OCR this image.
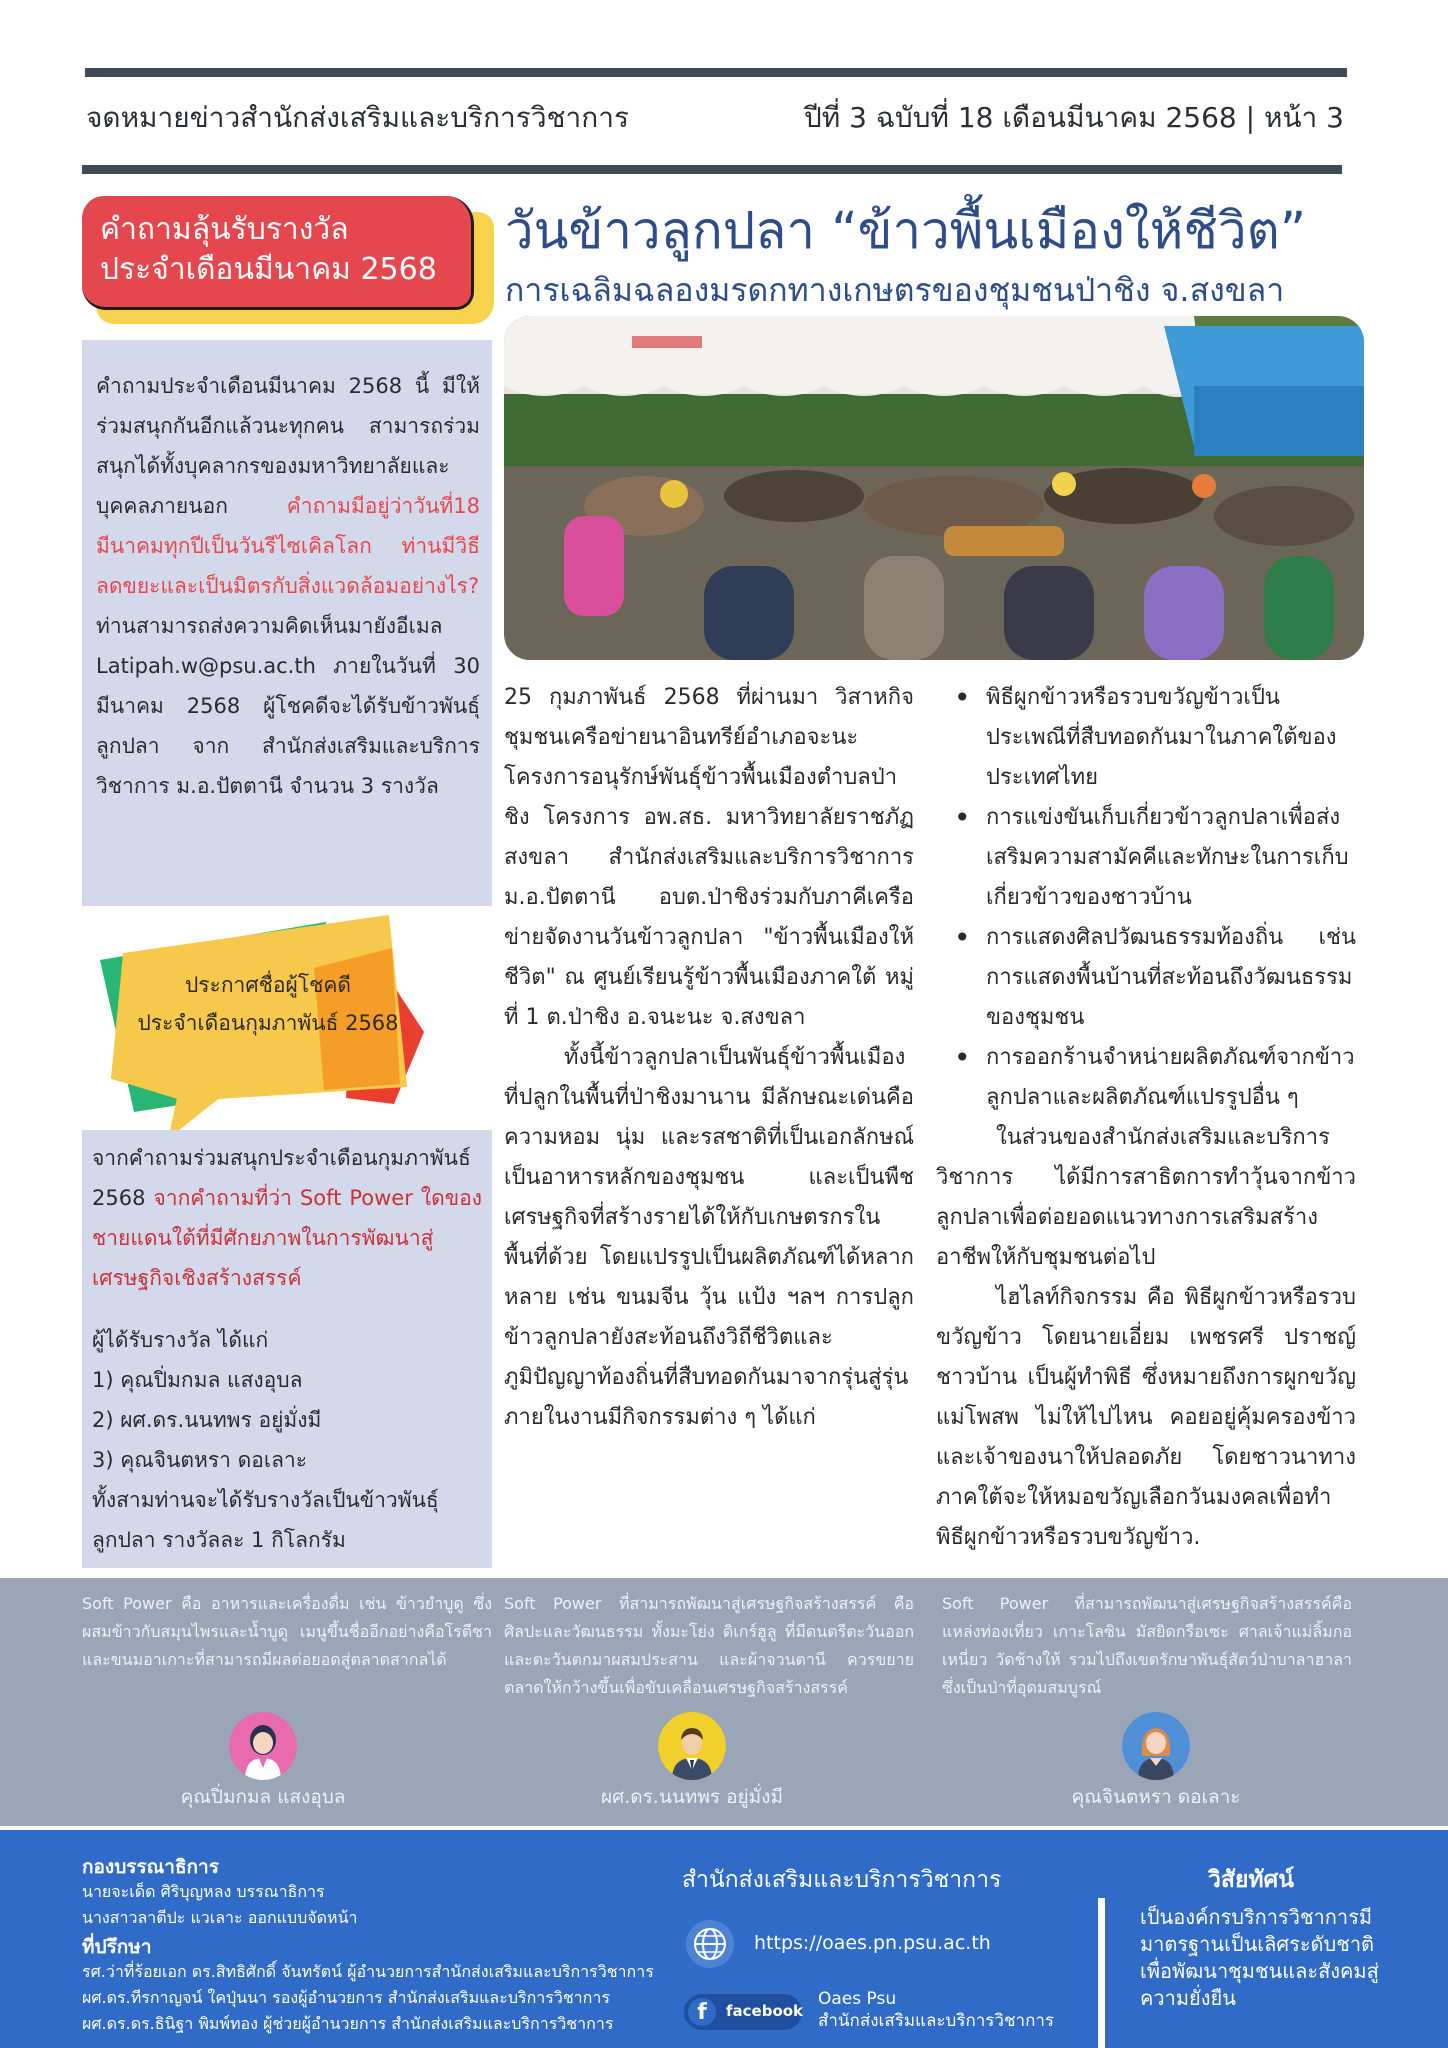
จดหมายข่าวสำนักส่งเสริมและบริการวิชาการ	ปีที่ 3 ฉบับที่ 18 เดือนมีนาคม 2568 | หน้า 3
คำถามลุ้นรับรางวัล
ประจำเดือนมีนาคม 2568
คำถามประจำเดือนมีนาคม 2568 นี้ มีให้ร่วมสนุกกันอีกแล้วนะทุกคน สามารถร่วมสนุกได้ทั้งบุคลากรของมหาวิทยาลัยและบุคคลภายนอก	คำถามมีอยู่ว่าวันที่18 มีนาคมทุกปีเป็นวันรีไซเคิลโลก ท่านมีวิธีลดขยะและเป็นมิตรกับสิ่งแวดล้อมอย่างไร? ท่านสามารถส่งความคิดเห็นมายังอีเมล Latipah.w@psu.ac.th ภายในวันที่ 30 มีนาคม 2568 ผู้โชคดีจะได้รับข้าวพันธุ์ลูกปลา จาก สำนักส่งเสริมและบริการวิชาการ ม.อ.ปัตตานี จำนวน 3 รางวัล
ประกาศชื่อผู้โชคดี
ประจำเดือนกุมภาพันธ์ 2568

จากคำถามร่วมสนุกประจำเดือนกุมภาพันธ์ 2568 จากคำถามที่ว่า Soft Power ใดของชายแดนใต้ที่มีศักยภาพในการพัฒนาสู่เศรษฐกิจเชิงสร้างสรรค์

ผู้ได้รับรางวัล ได้แก่

1) คุณปิ่มกมล แสงอุบล

2) ผศ.ดร.นนทพร อยู่มั่งมี

3) คุณจินตหรา ดอเลาะ

ทั้งสามท่านจะได้รับรางวัลเป็นข้าวพันธุ์ลูกปลา รางวัลละ 1 กิโลกรัม

วันข้าวลูกปลา “ข้าวพื้นเมืองให้ชีวิต”
การเฉลิมฉลองมรดกทางเกษตรของชุมชนป่าชิง จ.สงขลา

25 กุมภาพันธ์ 2568 ที่ผ่านมา วิสาหกิจชุมชนเครือข่ายนาอินทรีย์อำเภอจะนะ โครงการอนุรักษ์พันธุ์ข้าวพื้นเมืองตำบลป่าชิง โครงการ อพ.สธ. มหาวิทยาลัยราชภัฏสงขลา สำนักส่งเสริมและบริการวิชาการ ม.อ.ปัตตานี อบต.ป่าชิงร่วมกับภาคีเครือข่ายจัดงานวันข้าวลูกปลา "ข้าวพื้นเมืองให้ชีวิต" ณ ศูนย์เรียนรู้ข้าวพื้นเมืองภาคใต้ หมู่ที่ 1 ต.ป่าชิง อ.จนะนะ จ.สงขลา

ทั้งนี้ข้าวลูกปลาเป็นพันธุ์ข้าวพื้นเมืองที่ปลูกในพื้นที่ป่าชิงมานาน มีลักษณะเด่นคือความหอม นุ่ม และรสชาติที่เป็นเอกลักษณ์ เป็นอาหารหลักของชุมชน และเป็นพืชเศรษฐกิจที่สร้างรายได้ให้กับเกษตรกรในพื้นที่ด้วย โดยแปรรูปเป็นผลิตภัณฑ์ได้หลากหลาย เช่น ขนมจีน วุ้น แป้ง ฯลฯ การปลูกข้าวลูกปลายังสะท้อนถึงวิถีชีวิตและภูมิปัญญาท้องถิ่นที่สืบทอดกันมาจากรุ่นสู่รุ่น ภายในงานมีกิจกรรมต่าง ๆ ได้แก่

• พิธีผูกข้าวหรือรวบขวัญข้าวเป็นประเพณีที่สืบทอดกันมาในภาคใต้ของประเทศไทย
• การแข่งขันเก็บเกี่ยวข้าวลูกปลาเพื่อส่งเสริมความสามัคคีและทักษะในการเก็บเกี่ยวข้าวของชาวบ้าน
• การแสดงศิลปวัฒนธรรมท้องถิ่น เช่น การแสดงพื้นบ้านที่สะท้อนถึงวัฒนธรรมของชุมชน
• การออกร้านจำหน่ายผลิตภัณฑ์จากข้าวลูกปลาและผลิตภัณฑ์แปรรูปอื่น ๆ

ในส่วนของสำนักส่งเสริมและบริการวิชาการ ได้มีการสาธิตการทำวุ้นจากข้าวลูกปลาเพื่อต่อยอดแนวทางการเสริมสร้างอาชีพให้กับชุมชนต่อไป

ไฮไลท์กิจกรรม คือ พิธีผูกข้าวหรือรวบขวัญข้าว โดยนายเอี่ยม เพชรศรี ปราชญ์ชาวบ้าน เป็นผู้ทำพิธี ซึ่งหมายถึงการผูกขวัญแม่โพสพ ไม่ให้ไปไหน คอยอยู่คุ้มครองข้าวและเจ้าของนาให้ปลอดภัย โดยชาวนาทางภาคใต้จะให้หมอขวัญเลือกวันมงคลเพื่อทำพิธีผูกข้าวหรือรวบขวัญข้าว.

Soft Power คือ อาหารและเครื่องดื่ม เช่น ข้าวยำบูดู ซึ่งผสมข้าวกับสมุนไพรและน้ำบูดู เมนูขึ้นชื่ออีกอย่างคือโรตีชา และขนมอาเกาะที่สามารถมีผลต่อยอดสู่ตลาดสากลได้
Soft Power ที่สามารถพัฒนาสู่เศรษฐกิจสร้างสรรค์ คือ ศิลปะและวัฒนธรรม ทั้งมะโย่ง ดิเกร์ฮูลู ที่มีดนตรีตะวันออกและตะวันตกมาผสมประสาน และผ้าจวนตานี ควรขยายตลาดให้กว้างขึ้นเพื่อขับเคลื่อนเศรษฐกิจสร้างสรรค์
Soft Power ที่สามารถพัฒนาสู่เศรษฐกิจสร้างสรรค์คือ แหล่งท่องเที่ยว เกาะโลซิน มัสยิดกรือเซะ ศาลเจ้าแม่ลิ้มกอเหนี่ยว วัดช้างให้ รวมไปถึงเขตรักษาพันธุ์สัตว์ป่าบาลาฮาลา ซึ่งเป็นป่าที่อุดมสมบูรณ์
คุณปิ่มกมล แสงอุบล	ผศ.ดร.นนทพร อยู่มั่งมี	คุณจินตหรา ดอเลาะ
กองบรรณาธิการ
นายจะเด็ด ศิริบุญหลง บรรณาธิการ
นางสาวลาตีปะ แวเลาะ ออกแบบจัดหน้า
ที่ปรึกษา
รศ.ว่าที่ร้อยเอก ดร.สิทธิศักดิ์ จันทรัตน์ ผู้อำนวยการสำนักส่งเสริมและบริการวิชาการ
ผศ.ดร.ทีรกาญจน์ ใคปุ่นนา รองผู้อำนวยการ สำนักส่งเสริมและบริการวิชาการ
ผศ.ดร.ดร.ธินิฐา พิมพ์ทอง ผู้ช่วยผู้อำนวยการ สำนักส่งเสริมและบริการวิชาการ
สำนักส่งเสริมและบริการวิชาการ
https://oaes.pn.psu.ac.th
f	facebook
Oaes Psu
สำนักส่งเสริมและบริการวิชาการ
วิสัยทัศน์
เป็นองค์กรบริการวิชาการมีมาตรฐานเป็นเลิศระดับชาติ เพื่อพัฒนาชุมชนและสังคมสู่ความยั่งยืน
